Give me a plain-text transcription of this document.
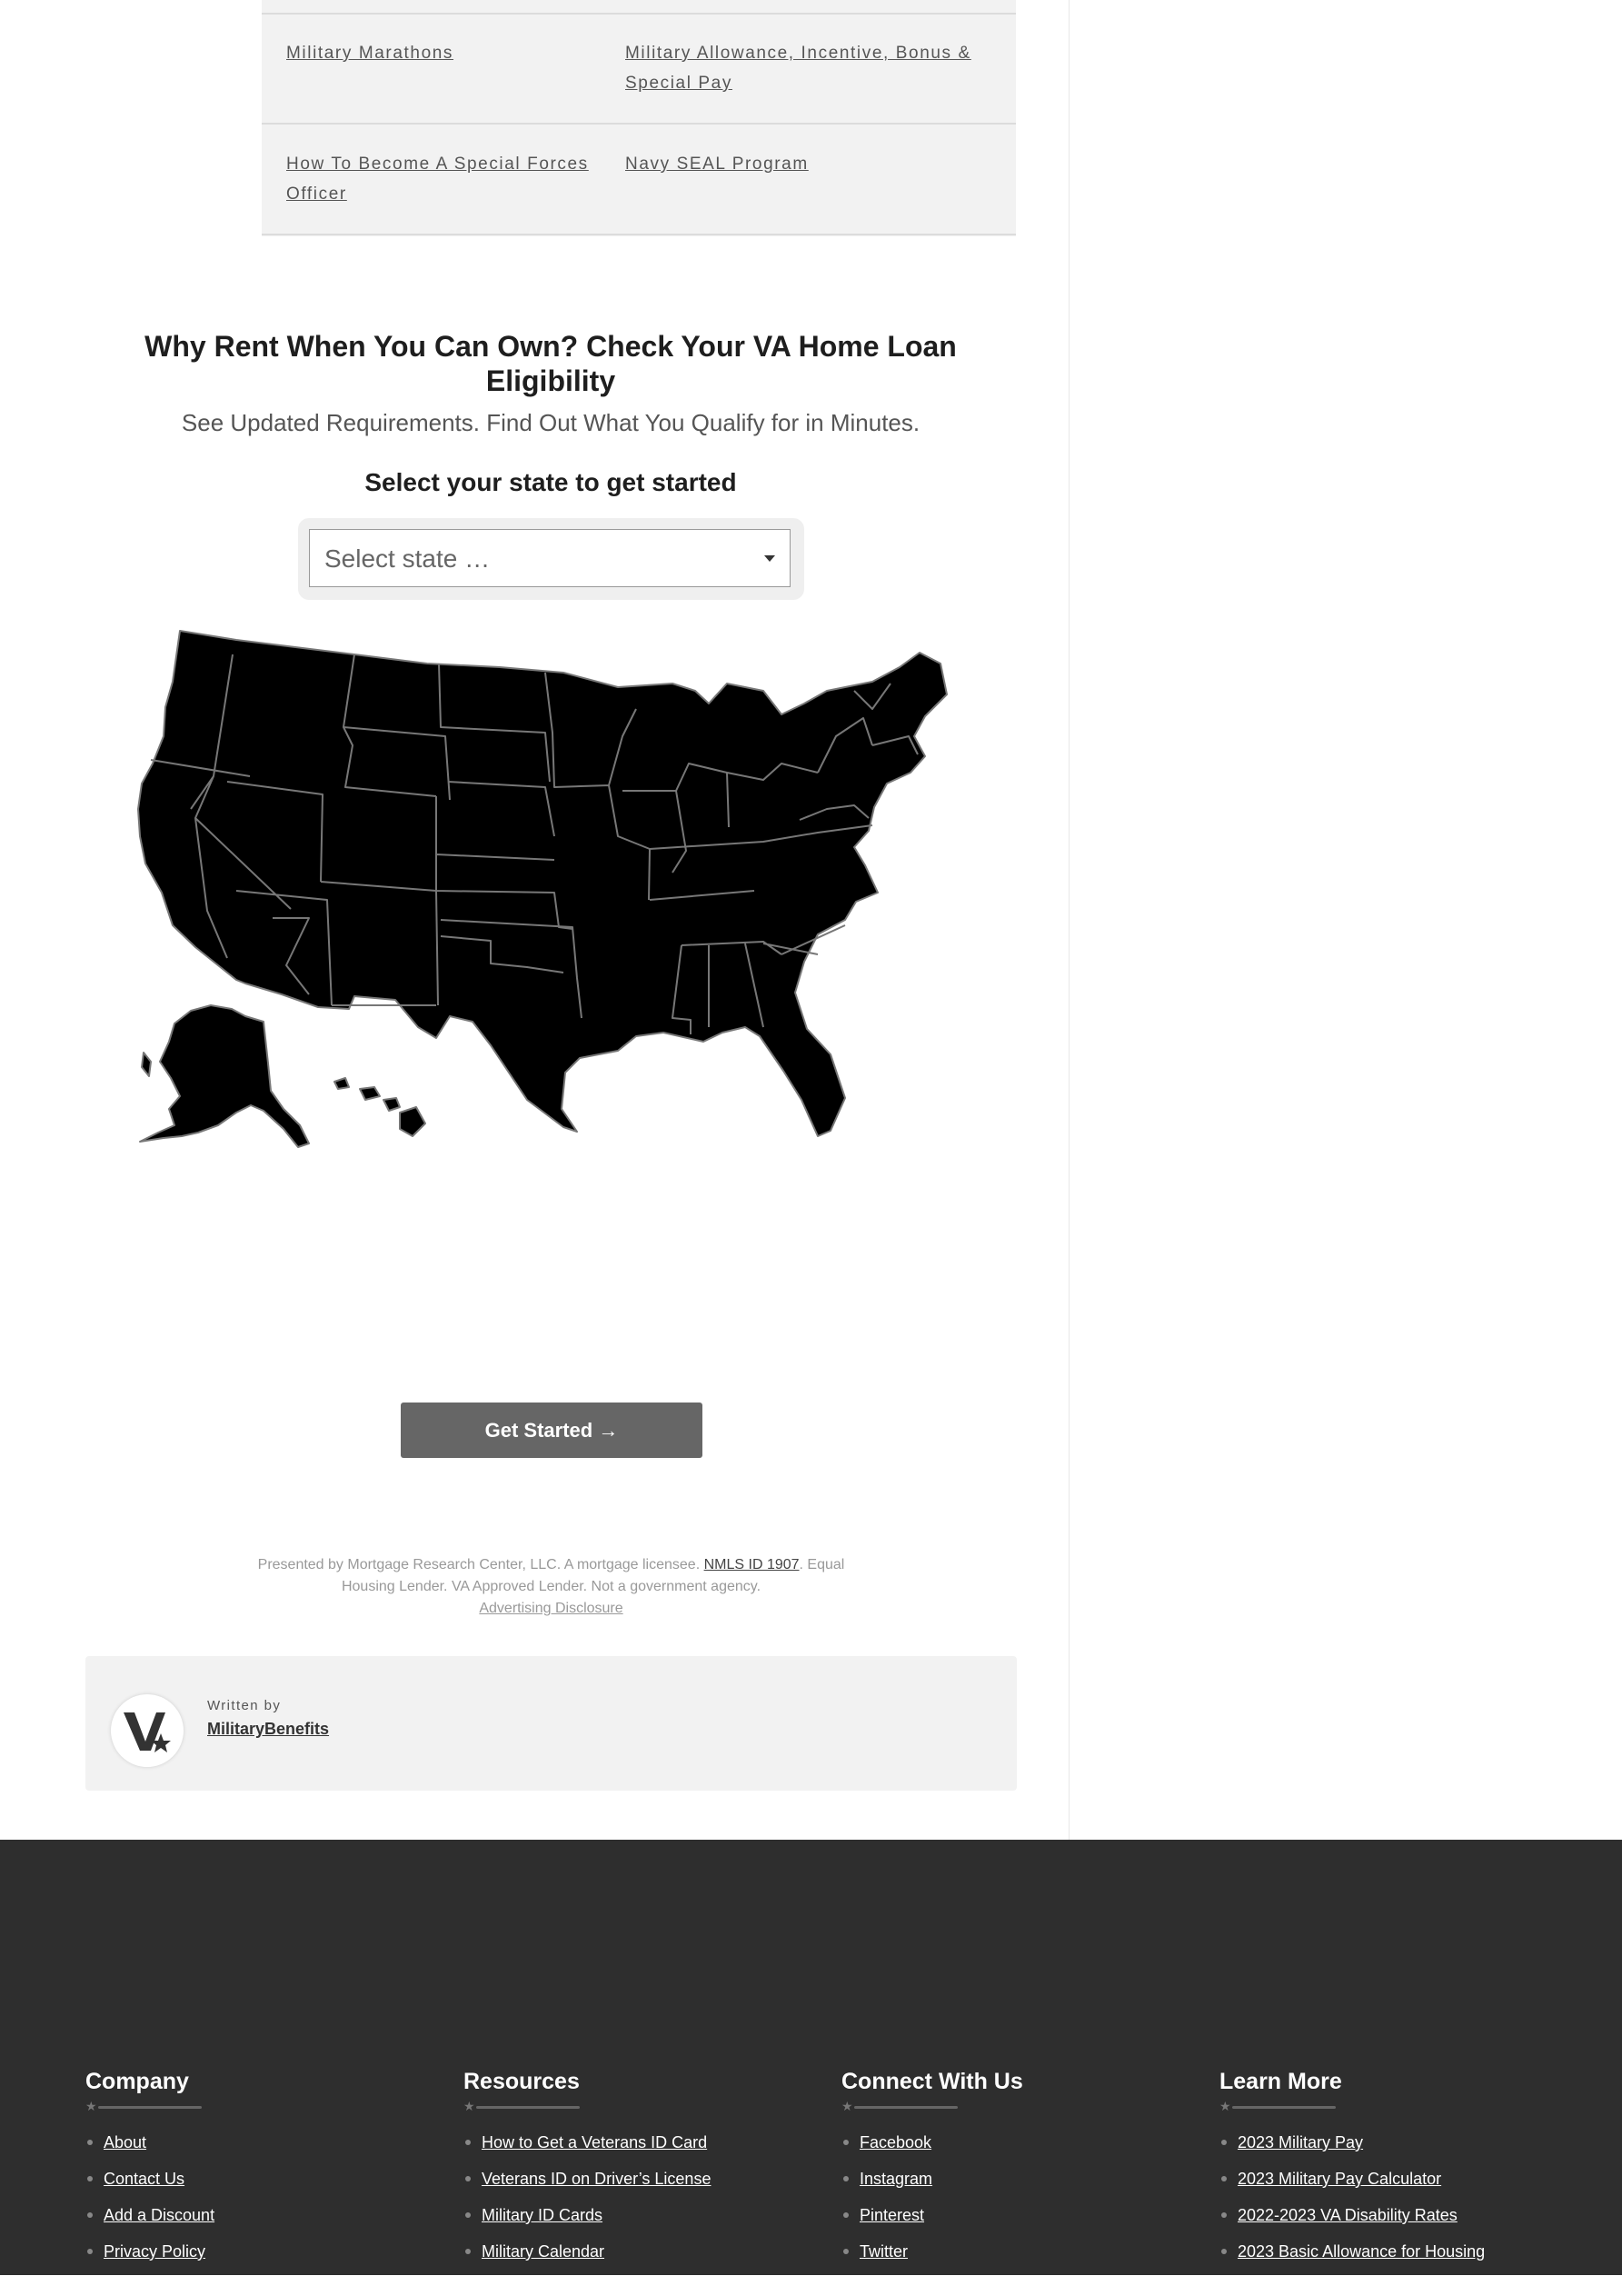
Military Marathons	Military Allowance, Incentive, Bonus & Special Pay
How To Become A Special Forces Officer
Navy SEAL Program
Why Rent When You Can Own? Check Your VA Home Loan Eligibility
See Updated Requirements. Find Out What You Qualify for in Minutes.
Select your state to get started
Select state …
Get Started →
Presented by Mortgage Research Center, LLC. A mortgage licensee. NMLS ID 1907. Equal Housing Lender. VA Approved Lender. Not a government agency.
Advertising Disclosure
Written by
MilitaryBenefits
Company
★
About
Contact Us
Add a Discount
Privacy Policy
Resources
★
How to Get a Veterans ID Card
Veterans ID on Driver’s License
Military ID Cards
Military Calendar
Connect With Us
★
Facebook
Instagram
Pinterest
Twitter
Learn More
★
2023 Military Pay
2023 Military Pay Calculator
2022-2023 VA Disability Rates
2023 Basic Allowance for Housing
